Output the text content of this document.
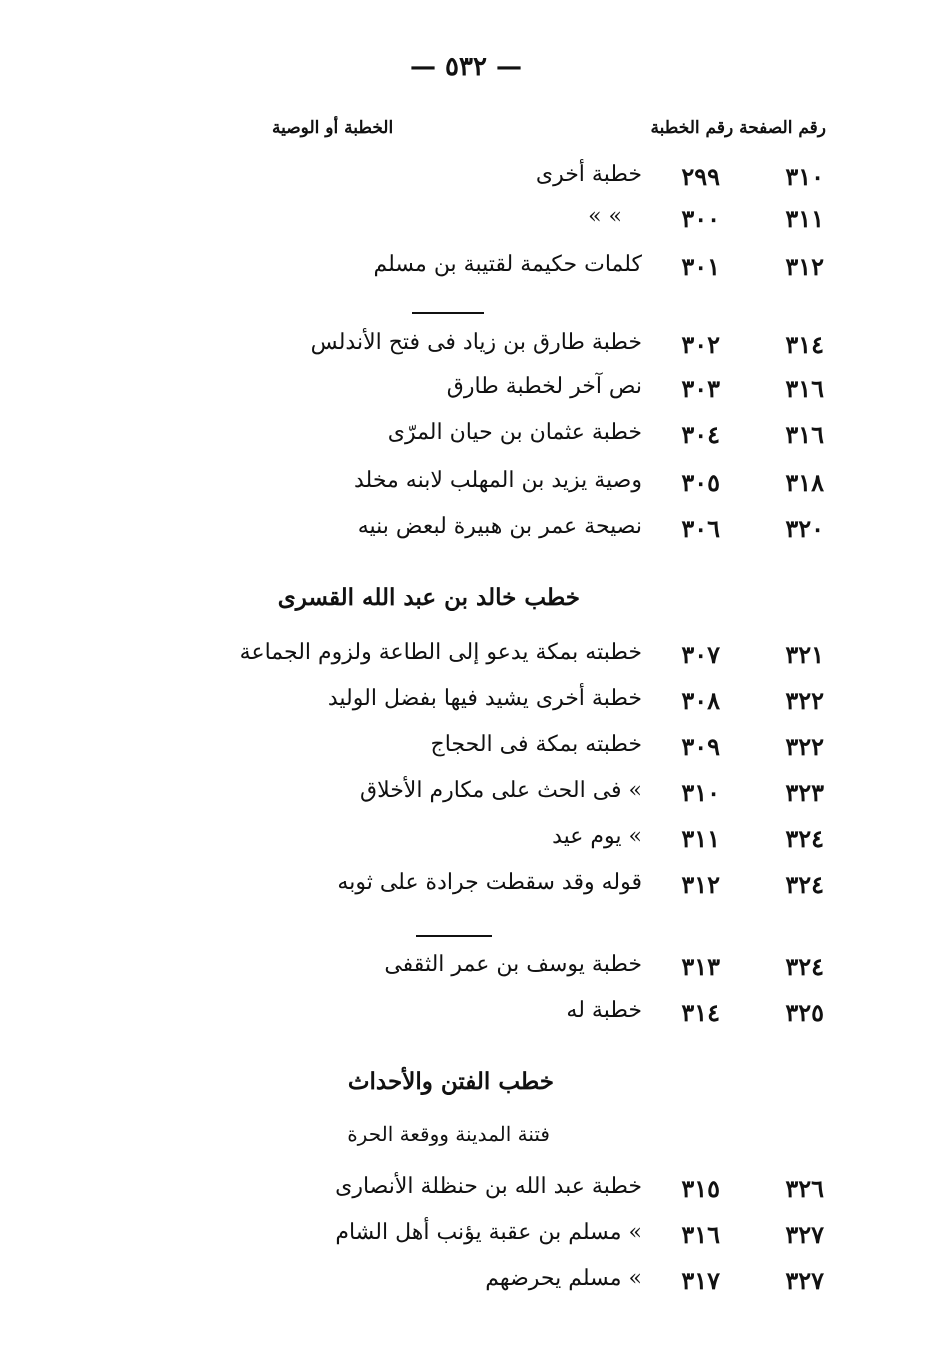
— ٥٣٢ —
رقم الصفحة رقم الخطبة
الخطبة أو الوصية
٣١٠
٢٩٩
خطبة أخرى
٣١١
٣٠٠
» »
٣١٢
٣٠١
كلمات حكيمة لقتيبة بن مسلم
٣١٤
٣٠٢
خطبة طارق بن زياد فى فتح الأندلس
٣١٦
٣٠٣
نص آخر لخطبة طارق
٣١٦
٣٠٤
خطبة عثمان بن حيان المرّى
٣١٨
٣٠٥
وصية يزيد بن المهلب لابنه مخلد
٣٢٠
٣٠٦
نصيحة عمر بن هبيرة لبعض بنيه
خطب خالد بن عبد الله القسرى
٣٢١
٣٠٧
خطبته بمكة يدعو إلى الطاعة ولزوم الجماعة
٣٢٢
٣٠٨
خطبة أخرى يشيد فيها بفضل الوليد
٣٢٢
٣٠٩
خطبته بمكة فى الحجاج
٣٢٣
٣١٠
» فى الحث على مكارم الأخلاق
٣٢٤
٣١١
» يوم عيد
٣٢٤
٣١٢
قوله وقد سقطت جرادة على ثوبه
٣٢٤
٣١٣
خطبة يوسف بن عمر الثقفى
٣٢٥
٣١٤
خطبة له
خطب الفتن والأحداث
فتنة المدينة ووقعة الحرة
٣٢٦
٣١٥
خطبة عبد الله بن حنظلة الأنصارى
٣٢٧
٣١٦
» مسلم بن عقبة يؤنب أهل الشام
٣٢٧
٣١٧
» مسلم يحرضهم
